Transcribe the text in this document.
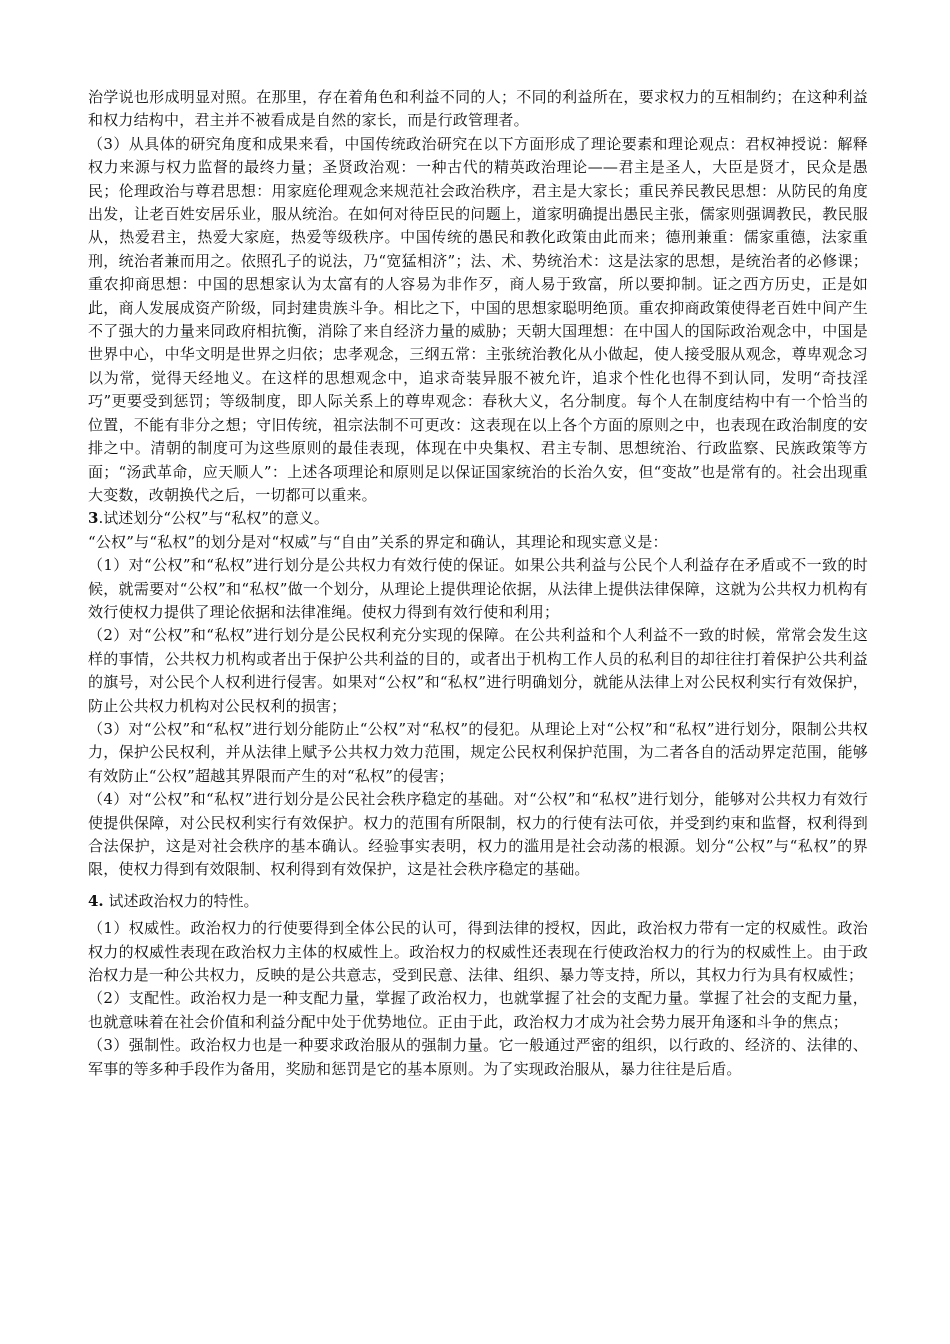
治学说也形成明显对照。在那里，存在着角色和利益不同的人；不同的利益所在，要求权力的互相制约；在这种利益和权力结构中，君主并不被看成是自然的家长，而是行政管理者。

（3）从具体的研究角度和成果来看，中国传统政治研究在以下方面形成了理论要素和理论观点：君权神授说：解释权力来源与权力监督的最终力量；圣贤政治观：一种古代的精英政治理论——君主是圣人，大臣是贤才，民众是愚民；伦理政治与尊君思想：用家庭伦理观念来规范社会政治秩序，君主是大家长；重民养民教民思想：从防民的角度出发，让老百姓安居乐业，服从统治。在如何对待臣民的问题上，道家明确提出愚民主张，儒家则强调教民，教民服从，热爱君主，热爱大家庭，热爱等级秩序。中国传统的愚民和教化政策由此而来；德刑兼重：儒家重德，法家重刑，统治者兼而用之。依照孔子的说法，乃“宽猛相济”；法、术、势统治术：这是法家的思想，是统治者的必修课；重农抑商思想：中国的思想家认为太富有的人容易为非作歹，商人易于致富，所以要抑制。证之西方历史，正是如此，商人发展成资产阶级，同封建贵族斗争。相比之下，中国的思想家聪明绝顶。重农抑商政策使得老百姓中间产生不了强大的力量来同政府相抗衡，消除了来自经济力量的威胁；天朝大国理想：在中国人的国际政治观念中，中国是世界中心，中华文明是世界之归依；忠孝观念，三纲五常：主张统治教化从小做起，使人接受服从观念，尊卑观念习以为常，觉得天经地义。在这样的思想观念中，追求奇装异服不被允许，追求个性化也得不到认同，发明“奇技淫巧”更要受到惩罚；等级制度，即人际关系上的尊卑观念：春秋大义，名分制度。每个人在制度结构中有一个恰当的位置，不能有非分之想；守旧传统，祖宗法制不可更改：这表现在以上各个方面的原则之中，也表现在政治制度的安排之中。清朝的制度可为这些原则的最佳表现，体现在中央集权、君主专制、思想统治、行政监察、民族政策等方面；“汤武革命，应天顺人”：上述各项理论和原则足以保证国家统治的长治久安，但“变故”也是常有的。社会出现重大变数，改朝换代之后，一切都可以重来。

3.试述划分“公权”与“私权”的意义。

“公权”与“私权”的划分是对“权威”与“自由”关系的界定和确认，其理论和现实意义是：

（1）对“公权”和“私权”进行划分是公共权力有效行使的保证。如果公共利益与公民个人利益存在矛盾或不一致的时候，就需要对“公权”和“私权”做一个划分，从理论上提供理论依据，从法律上提供法律保障，这就为公共权力机构有效行使权力提供了理论依据和法律准绳。使权力得到有效行使和利用；

（2）对“公权”和“私权”进行划分是公民权利充分实现的保障。在公共利益和个人利益不一致的时候，常常会发生这样的事情，公共权力机构或者出于保护公共利益的目的，或者出于机构工作人员的私利目的却往往打着保护公共利益的旗号，对公民个人权利进行侵害。如果对“公权”和“私权”进行明确划分，就能从法律上对公民权利实行有效保护，防止公共权力机构对公民权利的损害；

（3）对“公权”和“私权”进行划分能防止“公权”对“私权”的侵犯。从理论上对“公权”和“私权”进行划分，限制公共权力，保护公民权利，并从法律上赋予公共权力效力范围，规定公民权利保护范围，为二者各自的活动界定范围，能够有效防止“公权”超越其界限而产生的对“私权”的侵害；

（4）对“公权”和“私权”进行划分是公民社会秩序稳定的基础。对“公权”和“私权”进行划分，能够对公共权力有效行使提供保障，对公民权利实行有效保护。权力的范围有所限制，权力的行使有法可依，并受到约束和监督，权利得到合法保护，这是对社会秩序的基本确认。经验事实表明，权力的滥用是社会动荡的根源。划分“公权”与“私权”的界限，使权力得到有效限制、权利得到有效保护，这是社会秩序稳定的基础。

4. 试述政治权力的特性。

（1）权威性。政治权力的行使要得到全体公民的认可，得到法律的授权，因此，政治权力带有一定的权威性。政治权力的权威性表现在政治权力主体的权威性上。政治权力的权威性还表现在行使政治权力的行为的权威性上。由于政治权力是一种公共权力，反映的是公共意志，受到民意、法律、组织、暴力等支持，所以，其权力行为具有权威性；

（2）支配性。政治权力是一种支配力量，掌握了政治权力，也就掌握了社会的支配力量。掌握了社会的支配力量，也就意味着在社会价值和利益分配中处于优势地位。正由于此，政治权力才成为社会势力展开角逐和斗争的焦点；

（3）强制性。政治权力也是一种要求政治服从的强制力量。它一般通过严密的组织，以行政的、经济的、法律的、军事的等多种手段作为备用，奖励和惩罚是它的基本原则。为了实现政治服从，暴力往往是后盾。
